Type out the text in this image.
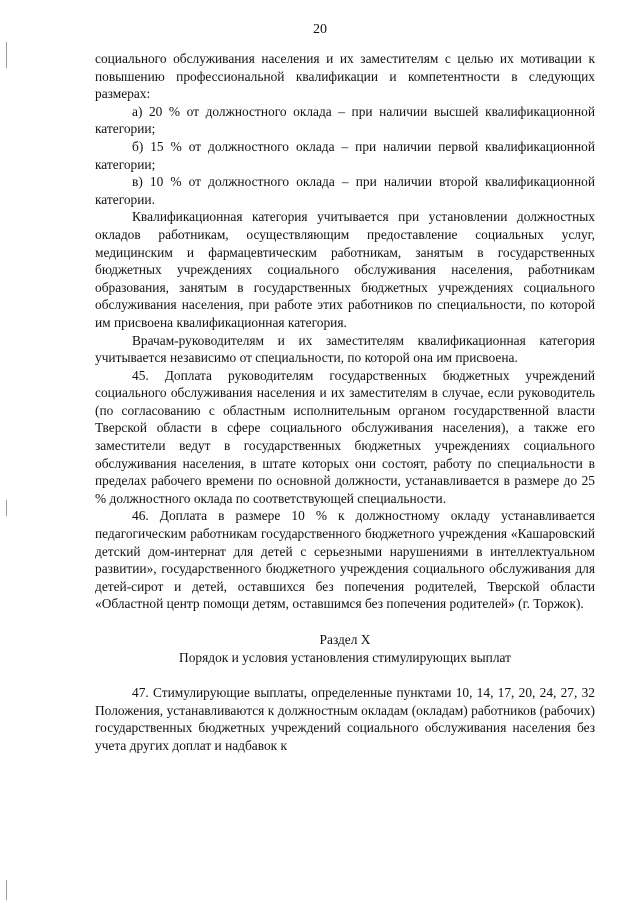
20

социального обслуживания населения и их заместителям с целью их мотивации к повышению профессиональной квалификации и компетентности в следующих размерах:

а) 20 % от должностного оклада – при наличии высшей квалификационной категории;

б) 15 % от должностного оклада – при наличии первой квалификационной категории;

в) 10 % от должностного оклада – при наличии второй квалификационной категории.

Квалификационная категория учитывается при установлении должностных окладов работникам, осуществляющим предоставление социальных услуг, медицинским и фармацевтическим работникам, занятым в государственных бюджетных учреждениях социального обслуживания населения, работникам образования, занятым в государственных бюджетных учреждениях социального обслуживания населения, при работе этих работников по специальности, по которой им присвоена квалификационная категория.

Врачам-руководителям и их заместителям квалификационная категория учитывается независимо от специальности, по которой она им присвоена.

45. Доплата руководителям государственных бюджетных учреждений социального обслуживания населения и их заместителям в случае, если руководитель (по согласованию с областным исполнительным органом государственной власти Тверской области в сфере социального обслуживания населения), а также его заместители ведут в государственных бюджетных учреждениях социального обслуживания населения, в штате которых они состоят, работу по специальности в пределах рабочего времени по основной должности, устанавливается в размере до 25 % должностного оклада по соответствующей специальности.

46. Доплата в размере 10 % к должностному окладу устанавливается педагогическим работникам государственного бюджетного учреждения «Кашаровский детский дом-интернат для детей с серьезными нарушениями в интеллектуальном развитии», государственного бюджетного учреждения социального обслуживания для детей-сирот и детей, оставшихся без попечения родителей, Тверской области «Областной центр помощи детям, оставшимся без попечения родителей» (г. Торжок).

Раздел X

Порядок и условия установления стимулирующих выплат

47. Стимулирующие выплаты, определенные пунктами 10, 14, 17, 20, 24, 27, 32 Положения, устанавливаются к должностным окладам (окладам) работников (рабочих) государственных бюджетных учреждений социального обслуживания населения без учета других доплат и надбавок к
